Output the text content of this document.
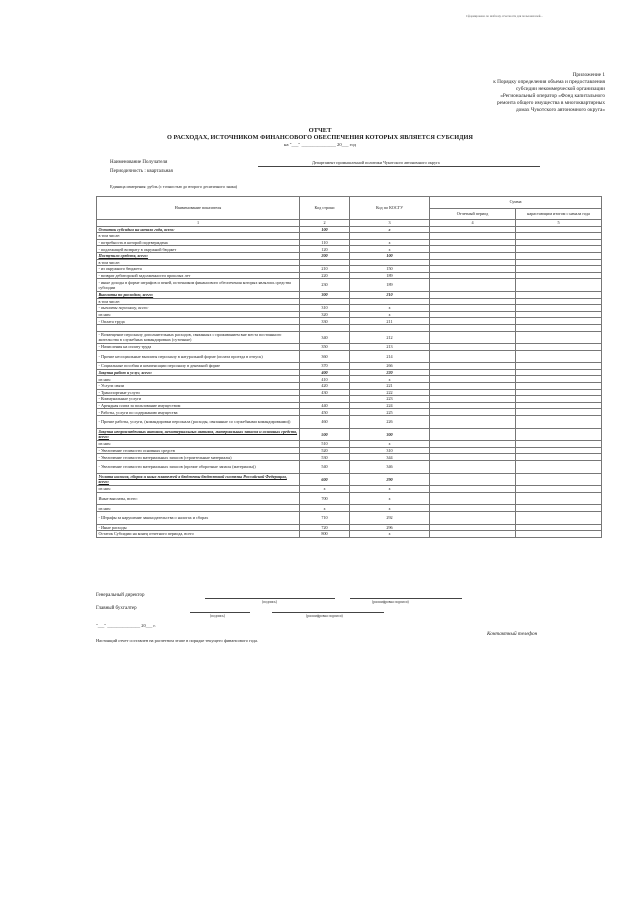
Сформировано по шаблону отчетности для пользователей...
Приложение 1
к Порядку определения объема и предоставления
субсидии некоммерческой организации
«Региональный оператор «Фонд капитального
ремонта общего имущества в многоквартирных
домах Чукотского автономного округа»
ОТЧЕТ
О РАСХОДАХ, ИСТОЧНИКОМ ФИНАНСОВОГО ОБЕСПЕЧЕНИЯ КОТОРЫХ ЯВЛЯЕТСЯ СУБСИДИЯ
на "___" _______________ 20___ год
Наименование Получателя	Департамент промышленной политики Чукотского автономного округа
Периодичность : квартальная
Единица измерения: рубль (с точностью до второго десятичного знака)
Наименование показателя	Код строки	Код по КОСГУ	Сумма	
			Отчетный период	нарастающим итогом с начала года
1	2	3	4	5
Остаток субсидии на начало года, всего:	100	х		
в том числе:				
- потребность в которой подтверждена	110	х		
- подлежащей возврату в окружной бюджет	120	х		
Поступило средств, всего:	200	100		
в том числе:				
- из окружного бюджета	210	150		
- возврат дебиторской задолженности прошлых лет	220	189		
- иные доходы в форме штрафов и пеней, источником финансового обеспечения которых являлись средства субсидии	230	189		
Выплаты по расходам, всего:	300	210		
в том числе:				
- выплаты персоналу, всего:	310	х		
из них:	320	х		
- Оплата труда	330	211		

- Возмещение персоналу дополнительных расходов, связанных с проживанием вне места постоянного жительства в служебных командировках (суточные)	340	212		
- Начисления на оплату труда	350	213		
- Прочие несоциальные выплаты персоналу в натуральной форме (оплата проезда в отпуск)	360	214		
- Социальные пособия и компенсации персоналу в денежной форме	370	266		
Закупка работ и услуг, всего:	400	220		
из них:	410	х		
- Услуги связи	420	221		
- Транспортные услуги	430	222		
- Коммунальные услуги		223		
- Арендная плата за пользование имуществом	440	224		
- Работы, услуги по содержанию имущества	450	225		
- Прочие работы, услуги, (командировки персонала (расходы, связанные со служебными командировками))	460	226		
Закупка непроизведенных активов, нематериальных активов, материальных запасов и основных средств, всего:	500	300		
из них:	510	х		
- Увеличение стоимости основных средств	520	310		
- Увеличение стоимости материальных запасов (строительные материалы)	530	344		
- Увеличение стоимости материальных запасов (прочие оборотные запасы (материалы))	540	346		
Уплата налогов, сборов и иных платежей в бюджеты бюджетной системы Российской Федерации, всего:	600	290		
из них:	х	х		
Иные выплаты, всего:	700	х		
из них:	х	х		
- Штрафы за нарушение законодательства о налогах и сборах	710	292		
- Иные расходы	720	296		
Остаток Субсидии на конец отчетного периода, всего	800	х		
Генеральный директор
(подпись)	(расшифровка подписи)
Главный бухгалтер
(подпись)	(расшифровка подписи)
"___" _______________ 20___ г.
Контактный телефон
Настоящий отчет составлен на расчетном этапе в порядке текущего финансового года.
